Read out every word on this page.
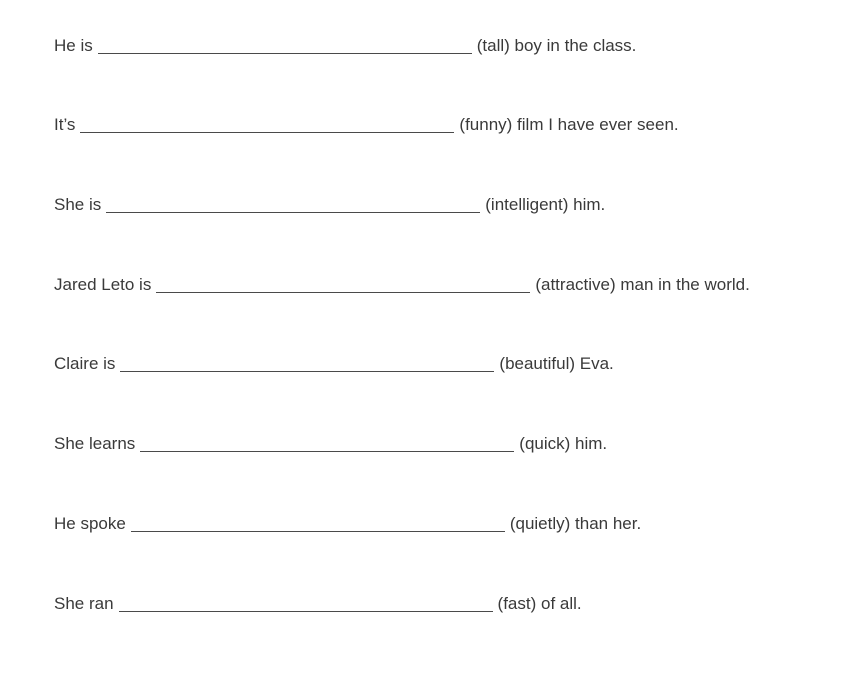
He is	(tall) boy in the class.
It’s	(funny) film I have ever seen.
She is	(intelligent) him.
Jared Leto is	(attractive) man in the world.
Claire is	(beautiful) Eva.
She learns	(quick) him.
He spoke	(quietly) than her.
She ran	(fast) of all.
